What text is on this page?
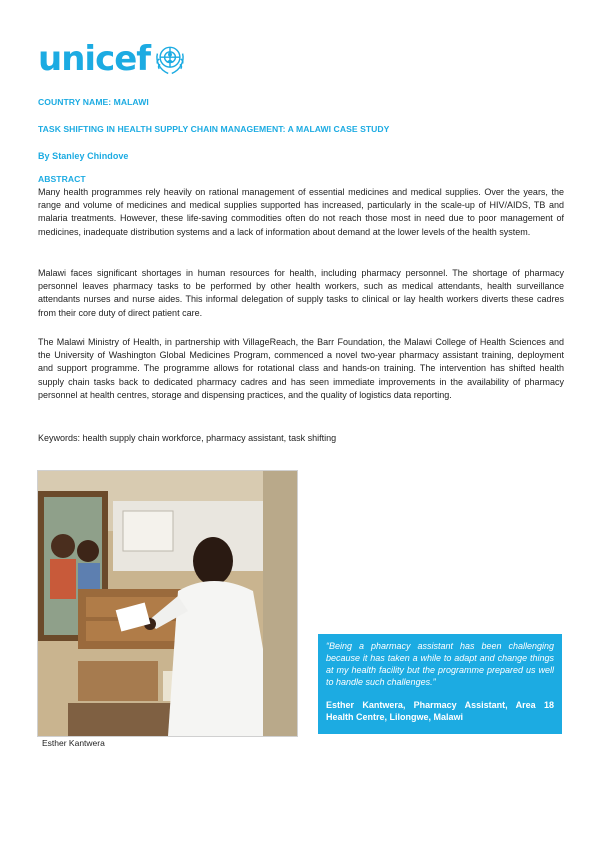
unicef
COUNTRY NAME: MALAWI
TASK SHIFTING IN HEALTH SUPPLY CHAIN MANAGEMENT: A MALAWI CASE STUDY
By Stanley Chindove
ABSTRACT
Many health programmes rely heavily on rational management of essential medicines and medical supplies. Over the years, the range and volume of medicines and medical supplies supported has increased, particularly in the scale-up of HIV/AIDS, TB and malaria treatments. However, these life-saving commodities often do not reach those most in need due to poor management of medicines, inadequate distribution systems and a lack of information about demand at the lower levels of the health system.
Malawi faces significant shortages in human resources for health, including pharmacy personnel. The shortage of pharmacy personnel leaves pharmacy tasks to be performed by other health workers, such as medical attendants, health surveillance attendants nurses and nurse aides. This informal delegation of supply tasks to clinical or lay health workers diverts these cadres from their core duty of direct patient care.
The Malawi Ministry of Health, in partnership with VillageReach, the Barr Foundation, the Malawi College of Health Sciences and the University of Washington Global Medicines Program, commenced a novel two-year pharmacy assistant training, deployment and support programme. The programme allows for rotational class and hands-on training. The intervention has shifted health supply chain tasks back to dedicated pharmacy cadres and has seen immediate improvements in the availability of pharmacy personnel at health centres, storage and dispensing practices, and the quality of logistics data reporting.
Keywords: health supply chain workforce, pharmacy assistant, task shifting
Esther Kantwera
“Being a pharmacy assistant has been challenging because it has taken a while to adapt and change things at my health facility but the programme prepared us well to handle such challenges.”
Esther Kantwera, Pharmacy Assistant, Area 18 Health Centre, Lilongwe, Malawi
